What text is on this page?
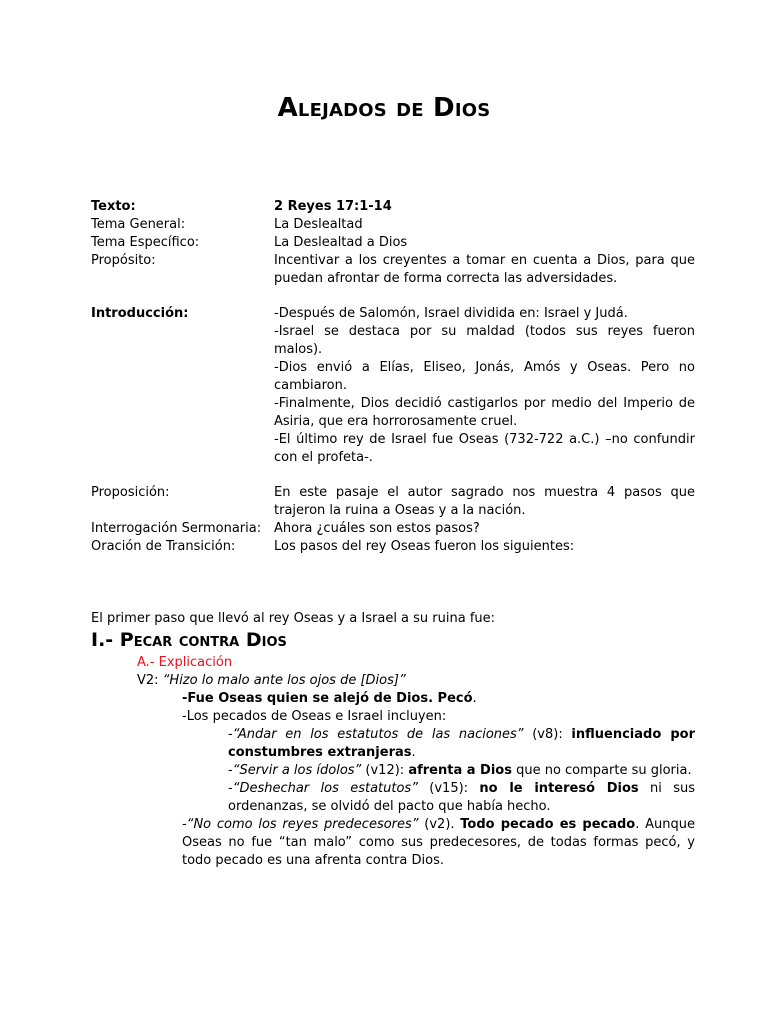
Alejados de Dios
Texto:	2 Reyes 17:1-14
Tema General:	La Deslealtad
Tema Específico:	La Deslealtad a Dios
Propósito:	Incentivar a los creyentes a tomar en cuenta a Dios, para que puedan afrontar de forma correcta las adversidades.
Introducción:	-Después de Salomón, Israel dividida en: Israel y Judá.
-Israel se destaca por su maldad (todos sus reyes fueron malos).
-Dios envió a Elías, Eliseo, Jonás, Amós y Oseas. Pero no cambiaron.
-Finalmente, Dios decidió castigarlos por medio del Imperio de Asiria, que era horrorosamente cruel.
-El último rey de Israel fue Oseas (732-722 a.C.) –no confundir con el profeta-.
Proposición:	En este pasaje el autor sagrado nos muestra 4 pasos que trajeron la ruina a Oseas y a la nación.
Interrogación Sermonaria: Ahora ¿cuáles son estos pasos?
Oración de Transición:	Los pasos del rey Oseas fueron los siguientes:
El primer paso que llevó al rey Oseas y a Israel a su ruina fue:
I.- Pecar contra Dios
A.- Explicación
V2: “Hizo lo malo ante los ojos de [Dios]”
-Fue Oseas quien se alejó de Dios. Pecó.
-Los pecados de Oseas e Israel incluyen:
-“Andar en los estatutos de las naciones” (v8): influenciado por constumbres extranjeras.
-“Servir a los ídolos” (v12): afrenta a Dios que no comparte su gloria.
-“Deshechar los estatutos” (v15): no le interesó Dios ni sus ordenanzas, se olvidó del pacto que había hecho.
-“No como los reyes predecesores” (v2). Todo pecado es pecado. Aunque Oseas no fue “tan malo” como sus predecesores, de todas formas pecó, y todo pecado es una afrenta contra Dios.
